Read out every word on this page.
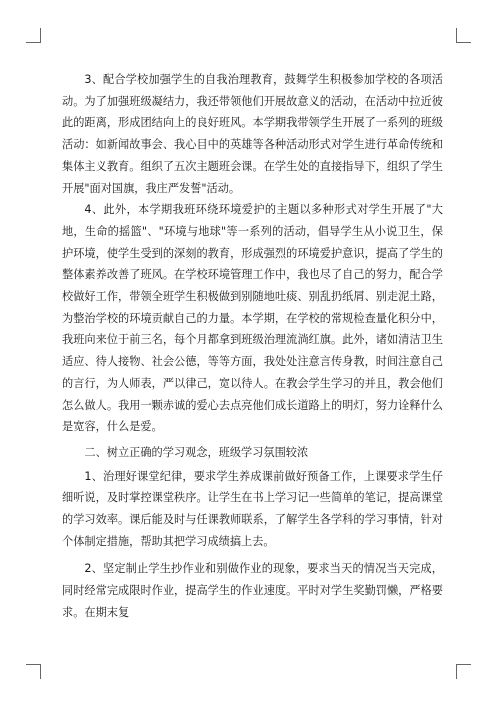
3、配合学校加强学生的自我治理教育，鼓舞学生积极参加学校的各项活动。为了加强班级凝结力，我还带领他们开展故意义的活动，在活动中拉近彼此的距离，形成团结向上的良好班风。本学期我带领学生开展了一系列的班级活动：如新闻故事会、我心目中的英雄等各种活动形式对学生进行革命传统和集体主义教育。组织了五次主题班会课。在学生处的直接指导下，组织了学生开展"面对国旗，我庄严发誓"活动。

4、此外，本学期我班环绕环境爱护的主题以多种形式对学生开展了"大地，生命的摇篮"、"环境与地球"等一系列的活动，倡导学生从小说卫生，保护环境，使学生受到的深刻的教育，形成强烈的环境爱护意识，提高了学生的整体素养改善了班风。在学校环境管理工作中，我也尽了自己的努力，配合学校做好工作，带领全班学生积极做到别随地吐痰、别乱扔纸屑、别走泥土路，为整治学校的环境贡献自己的力量。本学期，在学校的常规检查量化积分中，我班向来位于前三名，每个月都拿到班级治理流淌红旗。此外，诸如清洁卫生适应、待人接物、社会公德，等等方面，我处处注意言传身教，时间注意自己的言行，为人师表，严以律己，宽以待人。在教会学生学习的并且，教会他们怎么做人。我用一颗赤诚的爱心去点亮他们成长道路上的明灯，努力诠释什么是宽容，什么是爱。

二、树立正确的学习观念，班级学习氛围较浓

1、治理好课堂纪律，要求学生养成课前做好预备工作，上课要求学生仔细听说，及时掌控课堂秩序。让学生在书上学习记一些简单的笔记，提高课堂的学习效率。课后能及时与任课教师联系，了解学生各学科的学习事情，针对个体制定措施，帮助其把学习成绩搞上去。

2、坚定制止学生抄作业和别做作业的现象，要求当天的情况当天完成，同时经常完成限时作业，提高学生的作业速度。平时对学生奖勤罚懒，严格要求。在期末复
